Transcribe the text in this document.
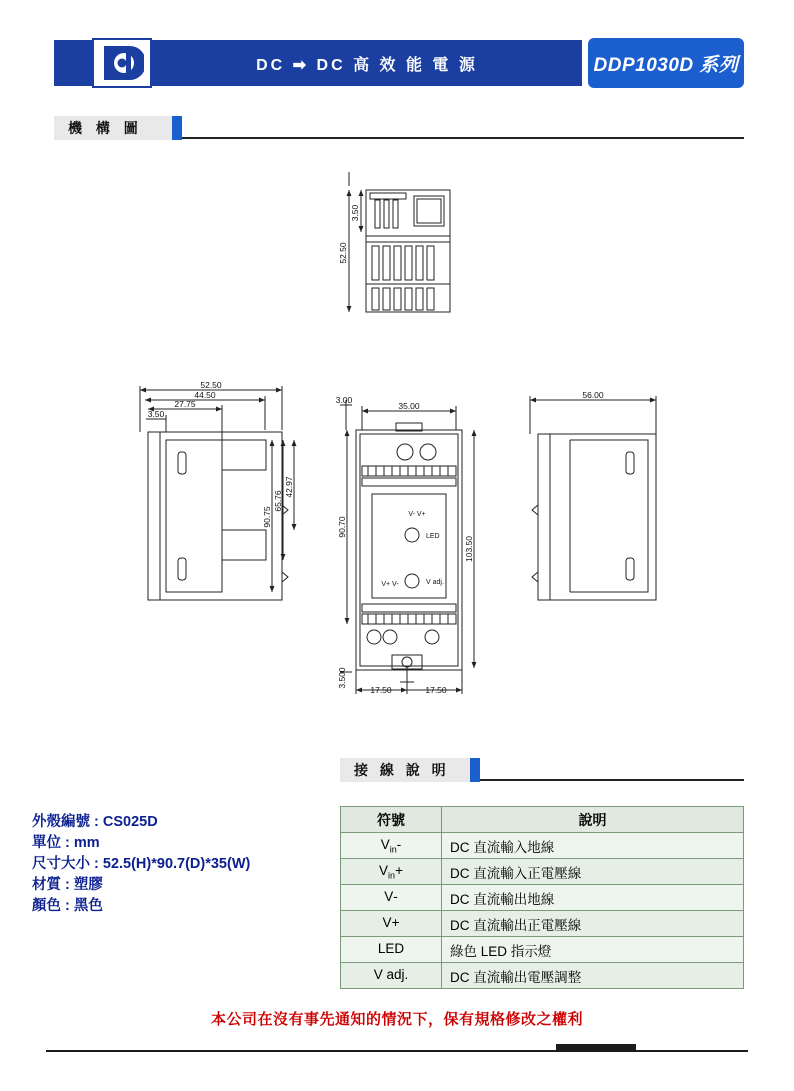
DC ➡ DC 高 效 能 電 源	DDP1030D 系列
機 構 圖
3.50
52.50
52.50
44.50
27.75
3.50
42.97
65.76
90.75
3.00
35.00
90.70
103.50
3.500
17.50	17.50
V- V+
V+ V-
LED
V adj.
56.00
外殼編號 : CS025D
單位 : mm
尺寸大小 : 52.5(H)*90.7(D)*35(W)
材質 : 塑膠
顏色 : 黑色
接 線 說 明
符號	說明
$V_{in}-$	DC 直流輸入地線
$V_{in}+$	DC 直流輸入正電壓線
V-	DC 直流輸出地線
V+	DC 直流輸出正電壓線
LED	綠色 LED 指示燈
V adj.	DC 直流輸出電壓調整
本公司在沒有事先通知的情況下，保有規格修改之權利
